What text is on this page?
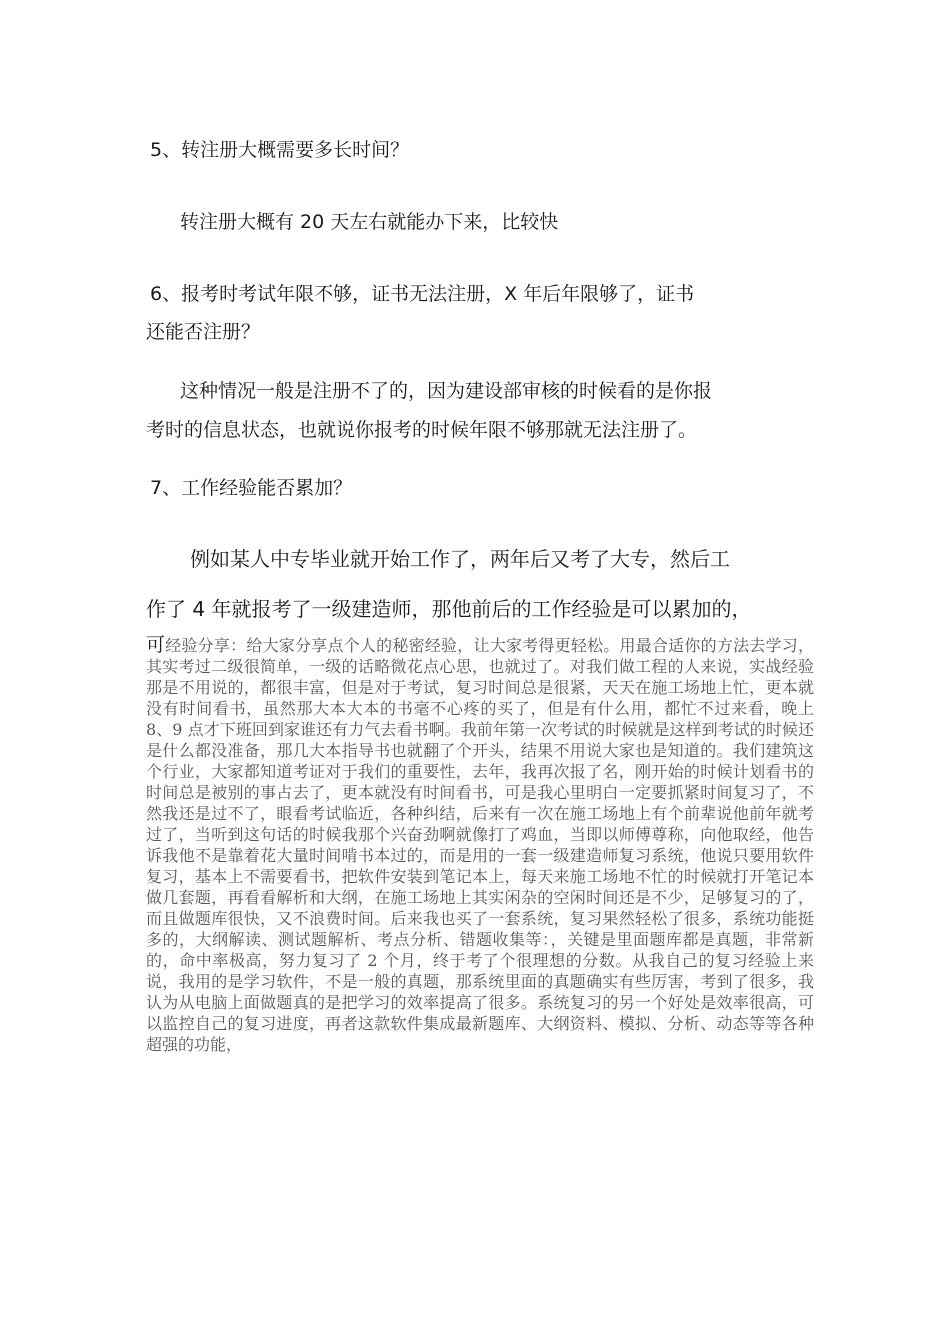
5、转注册大概需要多长时间？
转注册大概有 20 天左右就能办下来，比较快
6、报考时考试年限不够，证书无法注册，X 年后年限够了，证书
还能否注册？
这种情况一般是注册不了的，因为建设部审核的时候看的是你报
考时的信息状态，也就说你报考的时候年限不够那就无法注册了。
7、工作经验能否累加？
例如某人中专毕业就开始工作了，两年后又考了大专，然后工
作了 4 年就报考了一级建造师，那他前后的工作经验是可以累加的，
可经验分享：给大家分享点个人的秘密经验，让大家考得更轻松。用最合适你的方法去学习，其实考过二级很简单，一级的话略微花点心思，也就过了。对我们做工程的人来说，实战经验那是不用说的，都很丰富，但是对于考试，复习时间总是很紧，天天在施工场地上忙，更本就没有时间看书，虽然那大本大本的书毫不心疼的买了，但是有什么用，都忙不过来看，晚上 8、9 点才下班回到家谁还有力气去看书啊。我前年第一次考试的时候就是这样到考试的时候还是什么都没准备，那几大本指导书也就翻了个开头，结果不用说大家也是知道的。我们建筑这个行业，大家都知道考证对于我们的重要性，去年，我再次报了名，刚开始的时候计划看书的时间总是被别的事占去了，更本就没有时间看书，可是我心里明白一定要抓紧时间复习了，不然我还是过不了，眼看考试临近，各种纠结，后来有一次在施工场地上有个前辈说他前年就考过了，当听到这句话的时候我那个兴奋劲啊就像打了鸡血，当即以师傅尊称，向他取经，他告诉我他不是靠着花大量时间啃书本过的，而是用的一套一级建造师复习系统，他说只要用软件复习，基本上不需要看书，把软件安装到笔记本上，每天来施工场地不忙的时候就打开笔记本做几套题，再看看解析和大纲，在施工场地上其实闲杂的空闲时间还是不少，足够复习的了，而且做题库很快，又不浪费时间。后来我也买了一套系统，复习果然轻松了很多，系统功能挺多的，大纲解读、测试题解析、考点分析、错题收集等：，关键是里面题库都是真题，非常新的，命中率极高，努力复习了 2 个月，终于考了个很理想的分数。从我自己的复习经验上来说，我用的是学习软件，不是一般的真题，那系统里面的真题确实有些厉害，考到了很多，我认为从电脑上面做题真的是把学习的效率提高了很多。系统复习的另一个好处是效率很高，可以监控自己的复习进度，再者这款软件集成最新题库、大纲资料、模拟、分析、动态等等各种超强的功能，
